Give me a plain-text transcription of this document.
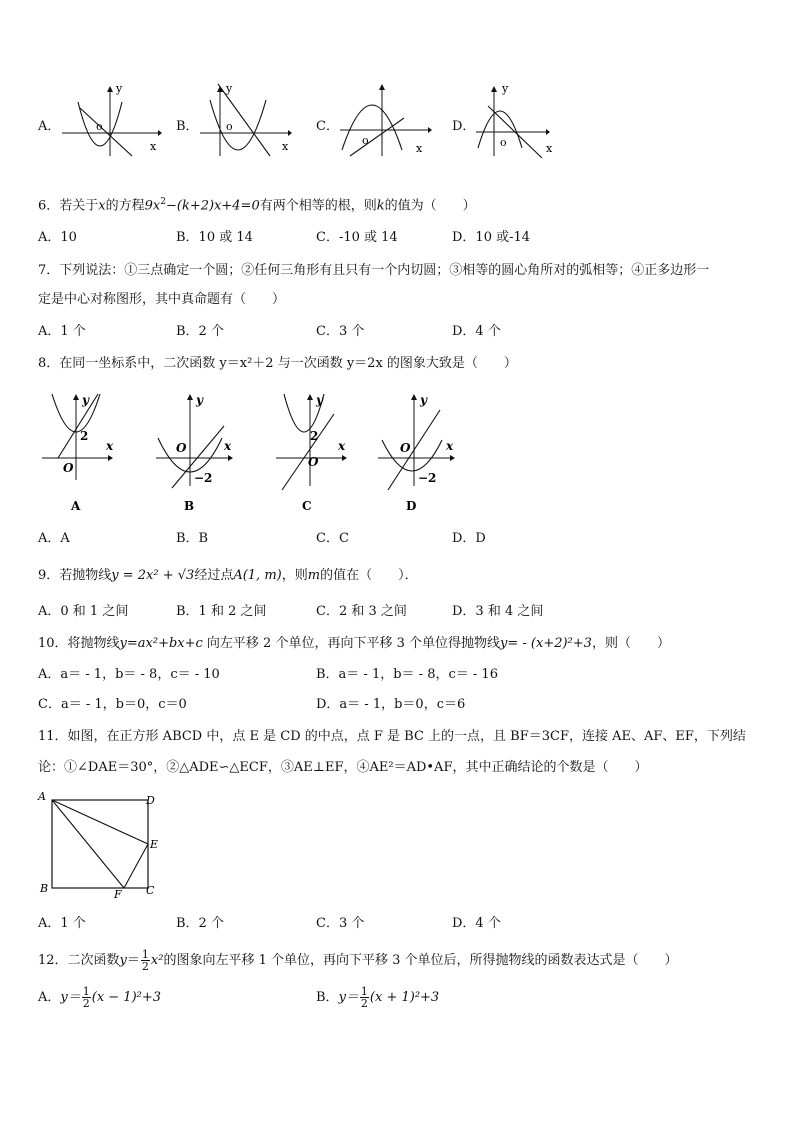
A．
y
x
o	B．
y
x
o	C．
o
x
D．
y
x
o
6．若关于x的方程$9x^2-(k+2)x+4=0$有两个相等的根，则k的值为（　　）
A．10	B．10 或 14	C．-10 或 14	D．10 或-14
7．下列说法：①三点确定一个圆；②任何三角形有且只有一个内切圆；③相等的圆心角所对的弧相等；④正多边形一
定是中心对称图形，其中真命题有（　　）
A．1 个	B．2 个	C．3 个	D．4 个
8．在同一坐标系中，二次函数 y＝x²＋2 与一次函数 y＝2x 的图象大致是（　　）
y
x
O
2
A
y
x
O
−2
B
y
x
O
2
C
y
x
O
−2
D
A．A	B．B	C．C	D．D
9．若抛物线y = 2x² + √3经过点A(1, m)，则m的值在（　　）．
A．0 和 1 之间	B．1 和 2 之间	C．2 和 3 之间	D．3 和 4 之间
10．将抛物线y=ax²+bx+c 向左平移 2 个单位，再向下平移 3 个单位得抛物线y= - (x+2)²+3，则（　　）
A．a＝ - 1，b＝ - 8，c＝ - 10	B．a＝ - 1，b＝ - 8，c＝ - 16
C．a＝ - 1，b＝0，c＝0	D．a＝ - 1，b＝0，c＝6
11．如图，在正方形 ABCD 中，点 E 是 CD 的中点，点 F 是 BC 上的一点，且 BF＝3CF，连接 AE、AF、EF，下列结
论：①∠DAE＝30°，②△ADE∽△ECF，③AE⊥EF，④AE²＝AD•AF，其中正确结论的个数是（　　）
A	D
E
B	C
F
A．1 个	B．2 个	C．3 个	D．4 个
12．二次函数$y= \frac{1}{2} x^2$的图象向左平移 1 个单位，再向下平移 3 个单位后，所得抛物线的函数表达式是（　　）
A．$y= \frac{1}{2} (x - 1)^2+3$	B．$y= \frac{1}{2} (x + 1)^2+3$
